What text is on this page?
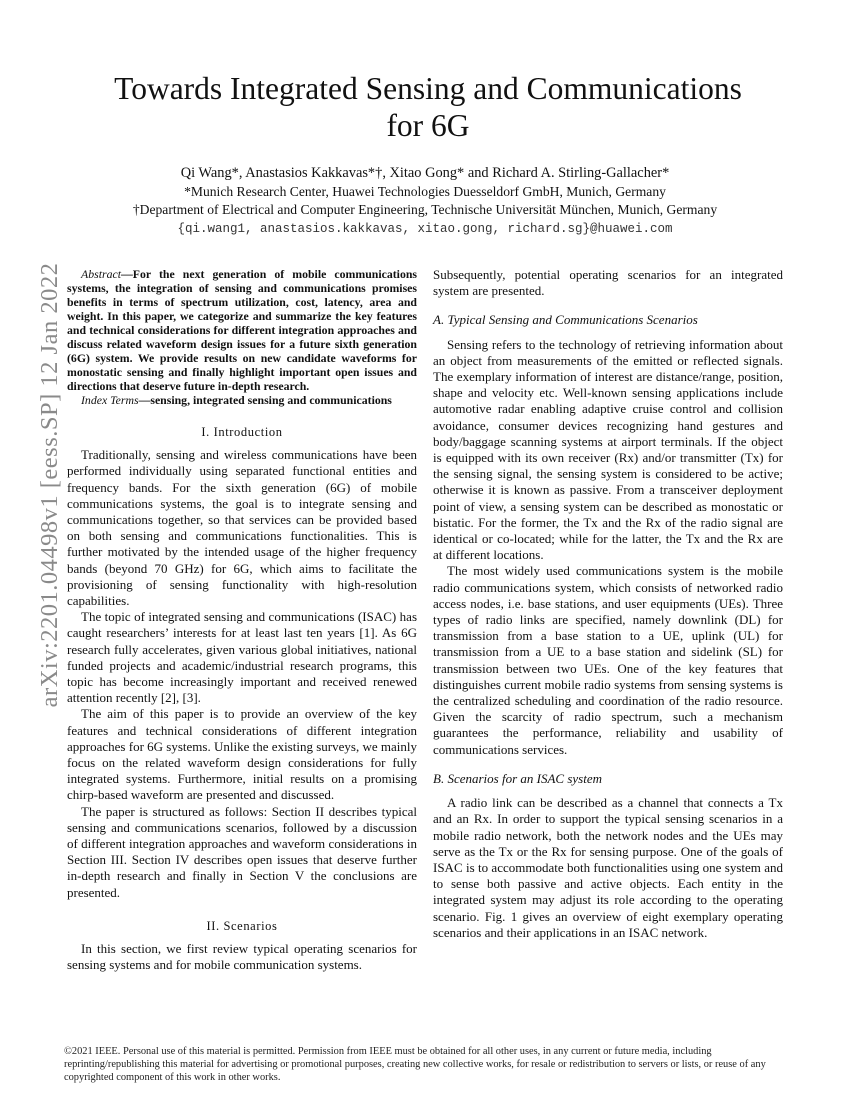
arXiv:2201.04498v1 [eess.SP] 12 Jan 2022
Towards Integrated Sensing and Communications
for 6G
Qi Wang*, Anastasios Kakkavas*†, Xitao Gong* and Richard A. Stirling-Gallacher*
*Munich Research Center, Huawei Technologies Duesseldorf GmbH, Munich, Germany
†Department of Electrical and Computer Engineering, Technische Universität München, Munich, Germany
{qi.wang1, anastasios.kakkavas, xitao.gong, richard.sg}@huawei.com

Abstract—For the next generation of mobile communications systems, the integration of sensing and communications promises benefits in terms of spectrum utilization, cost, latency, area and weight. In this paper, we categorize and summarize the key features and technical considerations for different integration approaches and discuss related waveform design issues for a future sixth generation (6G) system. We provide results on new candidate waveforms for monostatic sensing and finally highlight important open issues and directions that deserve future in-depth research.

Index Terms—sensing, integrated sensing and communications

I. Introduction

Traditionally, sensing and wireless communications have been performed individually using separated functional entities and frequency bands. For the sixth generation (6G) of mobile communications systems, the goal is to integrate sensing and communications together, so that services can be provided based on both sensing and communications functionalities. This is further motivated by the intended usage of the higher frequency bands (beyond 70 GHz) for 6G, which aims to facilitate the provisioning of sensing functionality with high-resolution capabilities.

The topic of integrated sensing and communications (ISAC) has caught researchers’ interests for at least last ten years [1]. As 6G research fully accelerates, given various global initiatives, national funded projects and academic/industrial research programs, this topic has become increasingly important and received renewed attention recently [2], [3].

The aim of this paper is to provide an overview of the key features and technical considerations of different integration approaches for 6G systems. Unlike the existing surveys, we mainly focus on the related waveform design considerations for fully integrated systems. Furthermore, initial results on a promising chirp-based waveform are presented and discussed.

The paper is structured as follows: Section II describes typical sensing and communications scenarios, followed by a discussion of different integration approaches and waveform considerations in Section III. Section IV describes open issues that deserve further in-depth research and finally in Section V the conclusions are presented.

II. Scenarios

In this section, we first review typical operating scenarios for sensing systems and for mobile communication systems.

Subsequently, potential operating scenarios for an integrated system are presented.

A. Typical Sensing and Communications Scenarios

Sensing refers to the technology of retrieving information about an object from measurements of the emitted or reflected signals. The exemplary information of interest are distance/range, position, shape and velocity etc. Well-known sensing applications include automotive radar enabling adaptive cruise control and collision avoidance, consumer devices recognizing hand gestures and body/baggage scanning systems at airport terminals. If the object is equipped with its own receiver (Rx) and/or transmitter (Tx) for the sensing signal, the sensing system is considered to be active; otherwise it is known as passive. From a transceiver deployment point of view, a sensing system can be described as monostatic or bistatic. For the former, the Tx and the Rx of the radio signal are identical or co-located; while for the latter, the Tx and the Rx are at different locations.

The most widely used communications system is the mobile radio communications system, which consists of networked radio access nodes, i.e. base stations, and user equipments (UEs). Three types of radio links are specified, namely downlink (DL) for transmission from a base station to a UE, uplink (UL) for transmission from a UE to a base station and sidelink (SL) for transmission between two UEs. One of the key features that distinguishes current mobile radio systems from sensing systems is the centralized scheduling and coordination of the radio resource. Given the scarcity of radio spectrum, such a mechanism guarantees the performance, reliability and usability of communications services.

B. Scenarios for an ISAC system

A radio link can be described as a channel that connects a Tx and an Rx. In order to support the typical sensing scenarios in a mobile radio network, both the network nodes and the UEs may serve as the Tx or the Rx for sensing purpose. One of the goals of ISAC is to accommodate both functionalities using one system and to sense both passive and active objects. Each entity in the integrated system may adjust its role according to the operating scenario. Fig. 1 gives an overview of eight exemplary operating scenarios and their applications in an ISAC network.

©2021 IEEE. Personal use of this material is permitted. Permission from IEEE must be obtained for all other uses, in any current or future media, including reprinting/republishing this material for advertising or promotional purposes, creating new collective works, for resale or redistribution to servers or lists, or reuse of any copyrighted component of this work in other works.
